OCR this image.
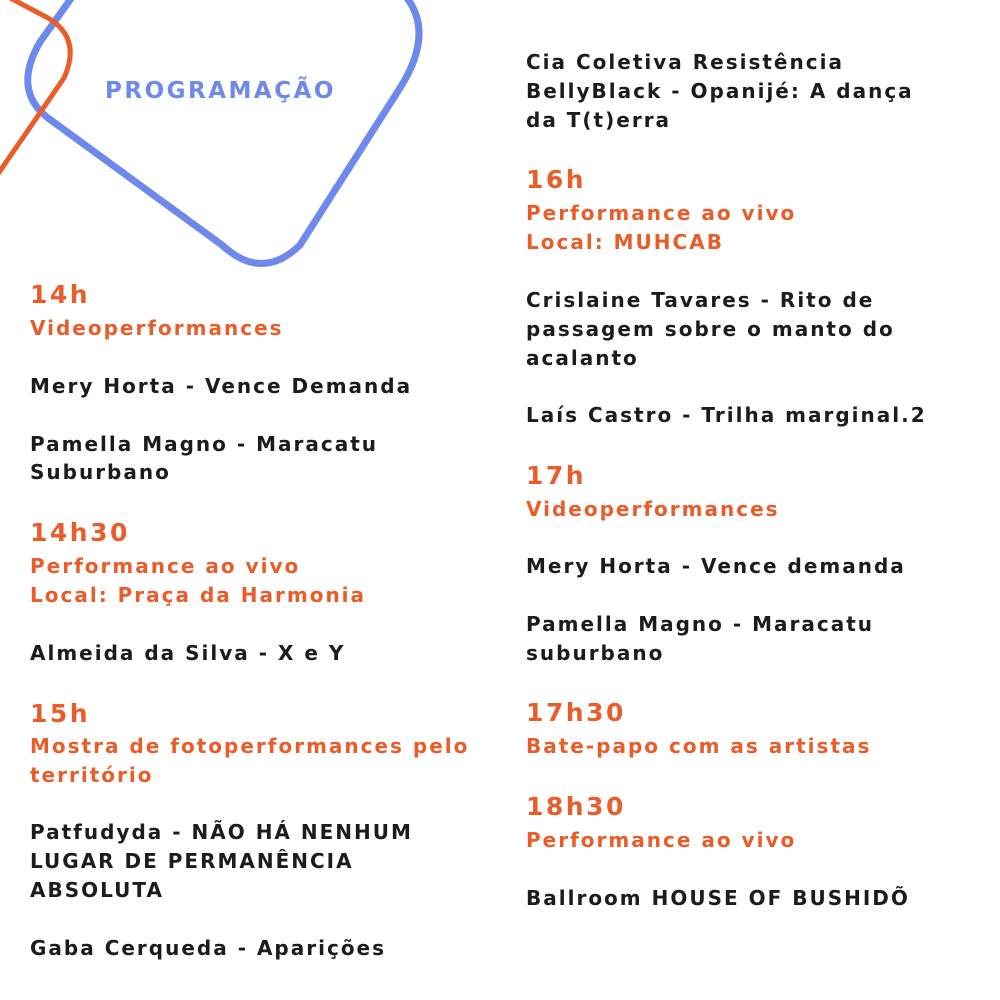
PROGRAMAÇÃO
14h
Videoperformances
Mery Horta - Vence Demanda
Pamella Magno - Maracatu
Suburbano
14h30
Performance ao vivo
Local: Praça da Harmonia
Almeida da Silva - X e Y
15h
Mostra de fotoperformances pelo
território
Patfudyda - NÃO HÁ NENHUM
LUGAR DE PERMANÊNCIA
ABSOLUTA
Gaba Cerqueda - Aparições
Cia Coletiva Resistência
BellyBlack - Opanijé: A dança
da T(t)erra
16h
Performance ao vivo
Local: MUHCAB
Crislaine Tavares - Rito de
passagem sobre o manto do
acalanto
Laís Castro - Trilha marginal.2
17h
Videoperformances
Mery Horta - Vence demanda
Pamella Magno - Maracatu
suburbano
17h30
Bate-papo com as artistas
18h30
Performance ao vivo
Ballroom HOUSE OF BUSHIDÕ
